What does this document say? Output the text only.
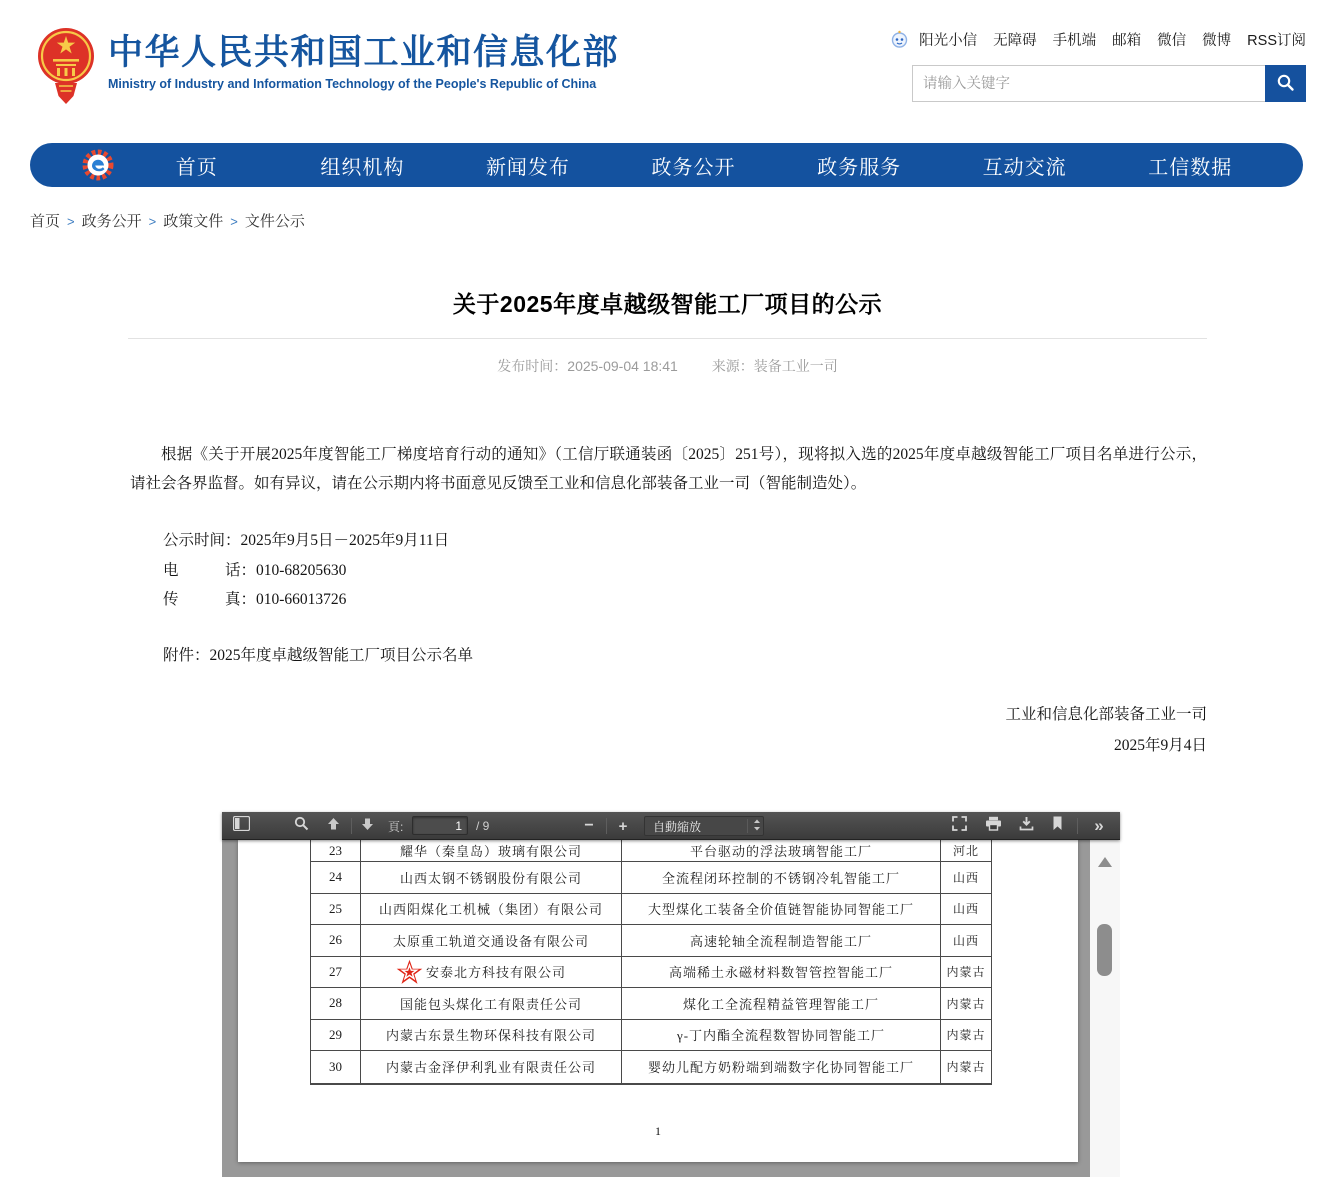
中华人民共和国工业和信息化部
Ministry of Industry and Information Technology of the People's Republic of China
阳光小信 无障碍 手机端 邮箱 微信 微博 RSS订阅
请输入关键字
首页	组织机构	新闻发布	政务公开	政务服务	互动交流	工信数据
首页 > 政务公开 > 政策文件 > 文件公示
关于2025年度卓越级智能工厂项目的公示
发布时间：2025-09-04 18:41 来源：装备工业一司

根据《关于开展2025年度智能工厂梯度培育行动的通知》（工信厅联通装函〔2025〕251号），现将拟入选的2025年度卓越级智能工厂项目名单进行公示，请社会各界监督。如有异议，请在公示期内将书面意见反馈至工业和信息化部装备工业一司（智能制造处）。

公示时间：2025年9月5日－2025年9月11日
电　　　话：010-68205630
传　　　真：010-66013726
附件：2025年度卓越级智能工厂项目公示名单
工业和信息化部装备工业一司
2025年9月4日
頁:
1	/ 9	−	+	自動縮放	»
23	耀华（秦皇岛）玻璃有限公司	平台驱动的浮法玻璃智能工厂	河北
24	山西太钢不锈钢股份有限公司	全流程闭环控制的不锈钢冷轧智能工厂	山西
25	山西阳煤化工机械（集团）有限公司	大型煤化工装备全价值链智能协同智能工厂	山西
26	太原重工轨道交通设备有限公司	高速轮轴全流程制造智能工厂	山西
27	安泰北方科技有限公司	高端稀土永磁材料数智管控智能工厂	内蒙古
28	国能包头煤化工有限责任公司	煤化工全流程精益管理智能工厂	内蒙古
29	内蒙古东景生物环保科技有限公司	γ-丁内酯全流程数智协同智能工厂	内蒙古
30	内蒙古金泽伊利乳业有限责任公司	婴幼儿配方奶粉端到端数字化协同智能工厂	内蒙古
1
